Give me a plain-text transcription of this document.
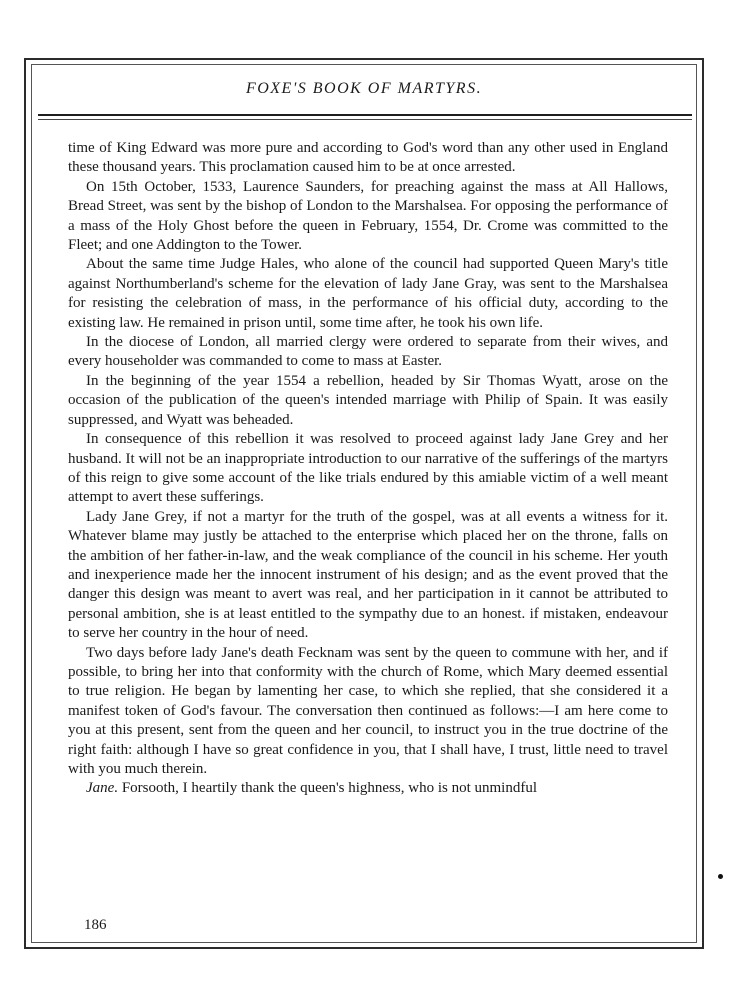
FOXE'S BOOK OF MARTYRS.

time of King Edward was more pure and according to God's word than any other used in England these thousand years. This proclamation caused him to be at once arrested.

On 15th October, 1533, Laurence Saunders, for preaching against the mass at All Hallows, Bread Street, was sent by the bishop of London to the Marshalsea. For opposing the performance of a mass of the Holy Ghost before the queen in February, 1554, Dr. Crome was committed to the Fleet; and one Addington to the Tower.

About the same time Judge Hales, who alone of the council had supported Queen Mary's title against Northumberland's scheme for the elevation of lady Jane Gray, was sent to the Marshalsea for resisting the celebration of mass, in the performance of his official duty, according to the existing law. He remained in prison until, some time after, he took his own life.

In the diocese of London, all married clergy were ordered to separate from their wives, and every householder was commanded to come to mass at Easter.

In the beginning of the year 1554 a rebellion, headed by Sir Thomas Wyatt, arose on the occasion of the publication of the queen's intended marriage with Philip of Spain. It was easily suppressed, and Wyatt was beheaded.

In consequence of this rebellion it was resolved to proceed against lady Jane Grey and her husband. It will not be an inappropriate introduction to our narrative of the sufferings of the martyrs of this reign to give some account of the like trials endured by this amiable victim of a well meant attempt to avert these sufferings.

Lady Jane Grey, if not a martyr for the truth of the gospel, was at all events a witness for it. Whatever blame may justly be attached to the enterprise which placed her on the throne, falls on the ambition of her father-in-law, and the weak compliance of the council in his scheme. Her youth and inexperience made her the innocent instrument of his design; and as the event proved that the danger this design was meant to avert was real, and her participation in it cannot be attributed to personal ambition, she is at least entitled to the sympathy due to an honest. if mistaken, endeavour to serve her country in the hour of need.

Two days before lady Jane's death Fecknam was sent by the queen to commune with her, and if possible, to bring her into that conformity with the church of Rome, which Mary deemed essential to true religion. He began by lamenting her case, to which she replied, that she considered it a manifest token of God's favour. The conversation then continued as follows:—I am here come to you at this present, sent from the queen and her council, to instruct you in the true doctrine of the right faith: although I have so great confidence in you, that I shall have, I trust, little need to travel with you much therein.

Jane. Forsooth, I heartily thank the queen's highness, who is not unmindful

186
